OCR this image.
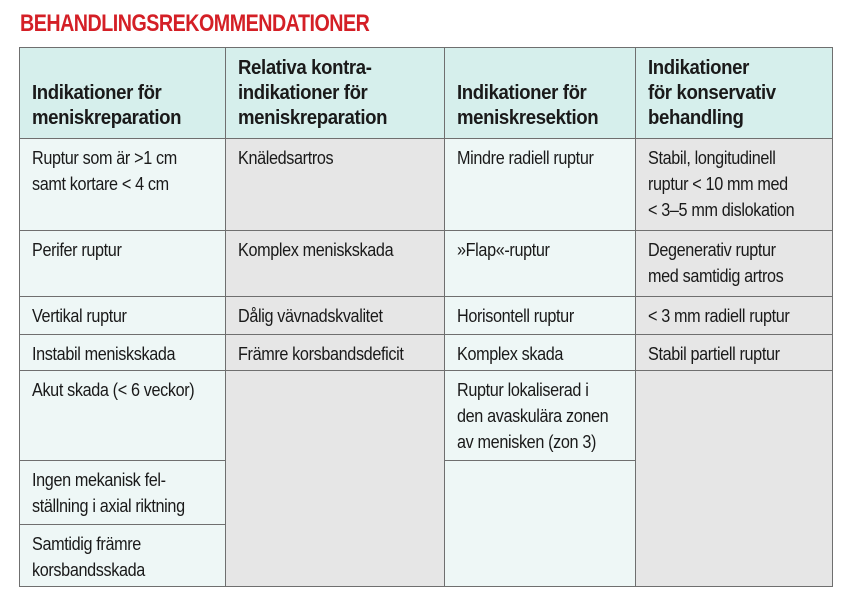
BEHANDLINGSREKOMMENDATIONER
Indikationer för
meniskreparation
Relativa kontra-
indikationer för
meniskreparation
Indikationer för
meniskresektion
Indikationer
för konservativ
behandling
Ruptur som är >1 cm
samt kortare < 4 cm
Perifer ruptur
Vertikal ruptur
Instabil meniskskada
Akut skada (< 6 veckor)
Ingen mekanisk fel-
ställning i axial riktning
Samtidig främre
korsbandsskada
Knäledsartros
Komplex meniskskada
Dålig vävnadskvalitet
Främre korsbandsdeficit
Mindre radiell ruptur
»Flap«-ruptur
Horisontell ruptur
Komplex skada
Ruptur lokaliserad i
den avaskulära zonen
av menisken (zon 3)
Stabil, longitudinell
ruptur < 10 mm med
< 3–5 mm dislokation
Degenerativ ruptur
med samtidig artros
< 3 mm radiell ruptur
Stabil partiell ruptur
